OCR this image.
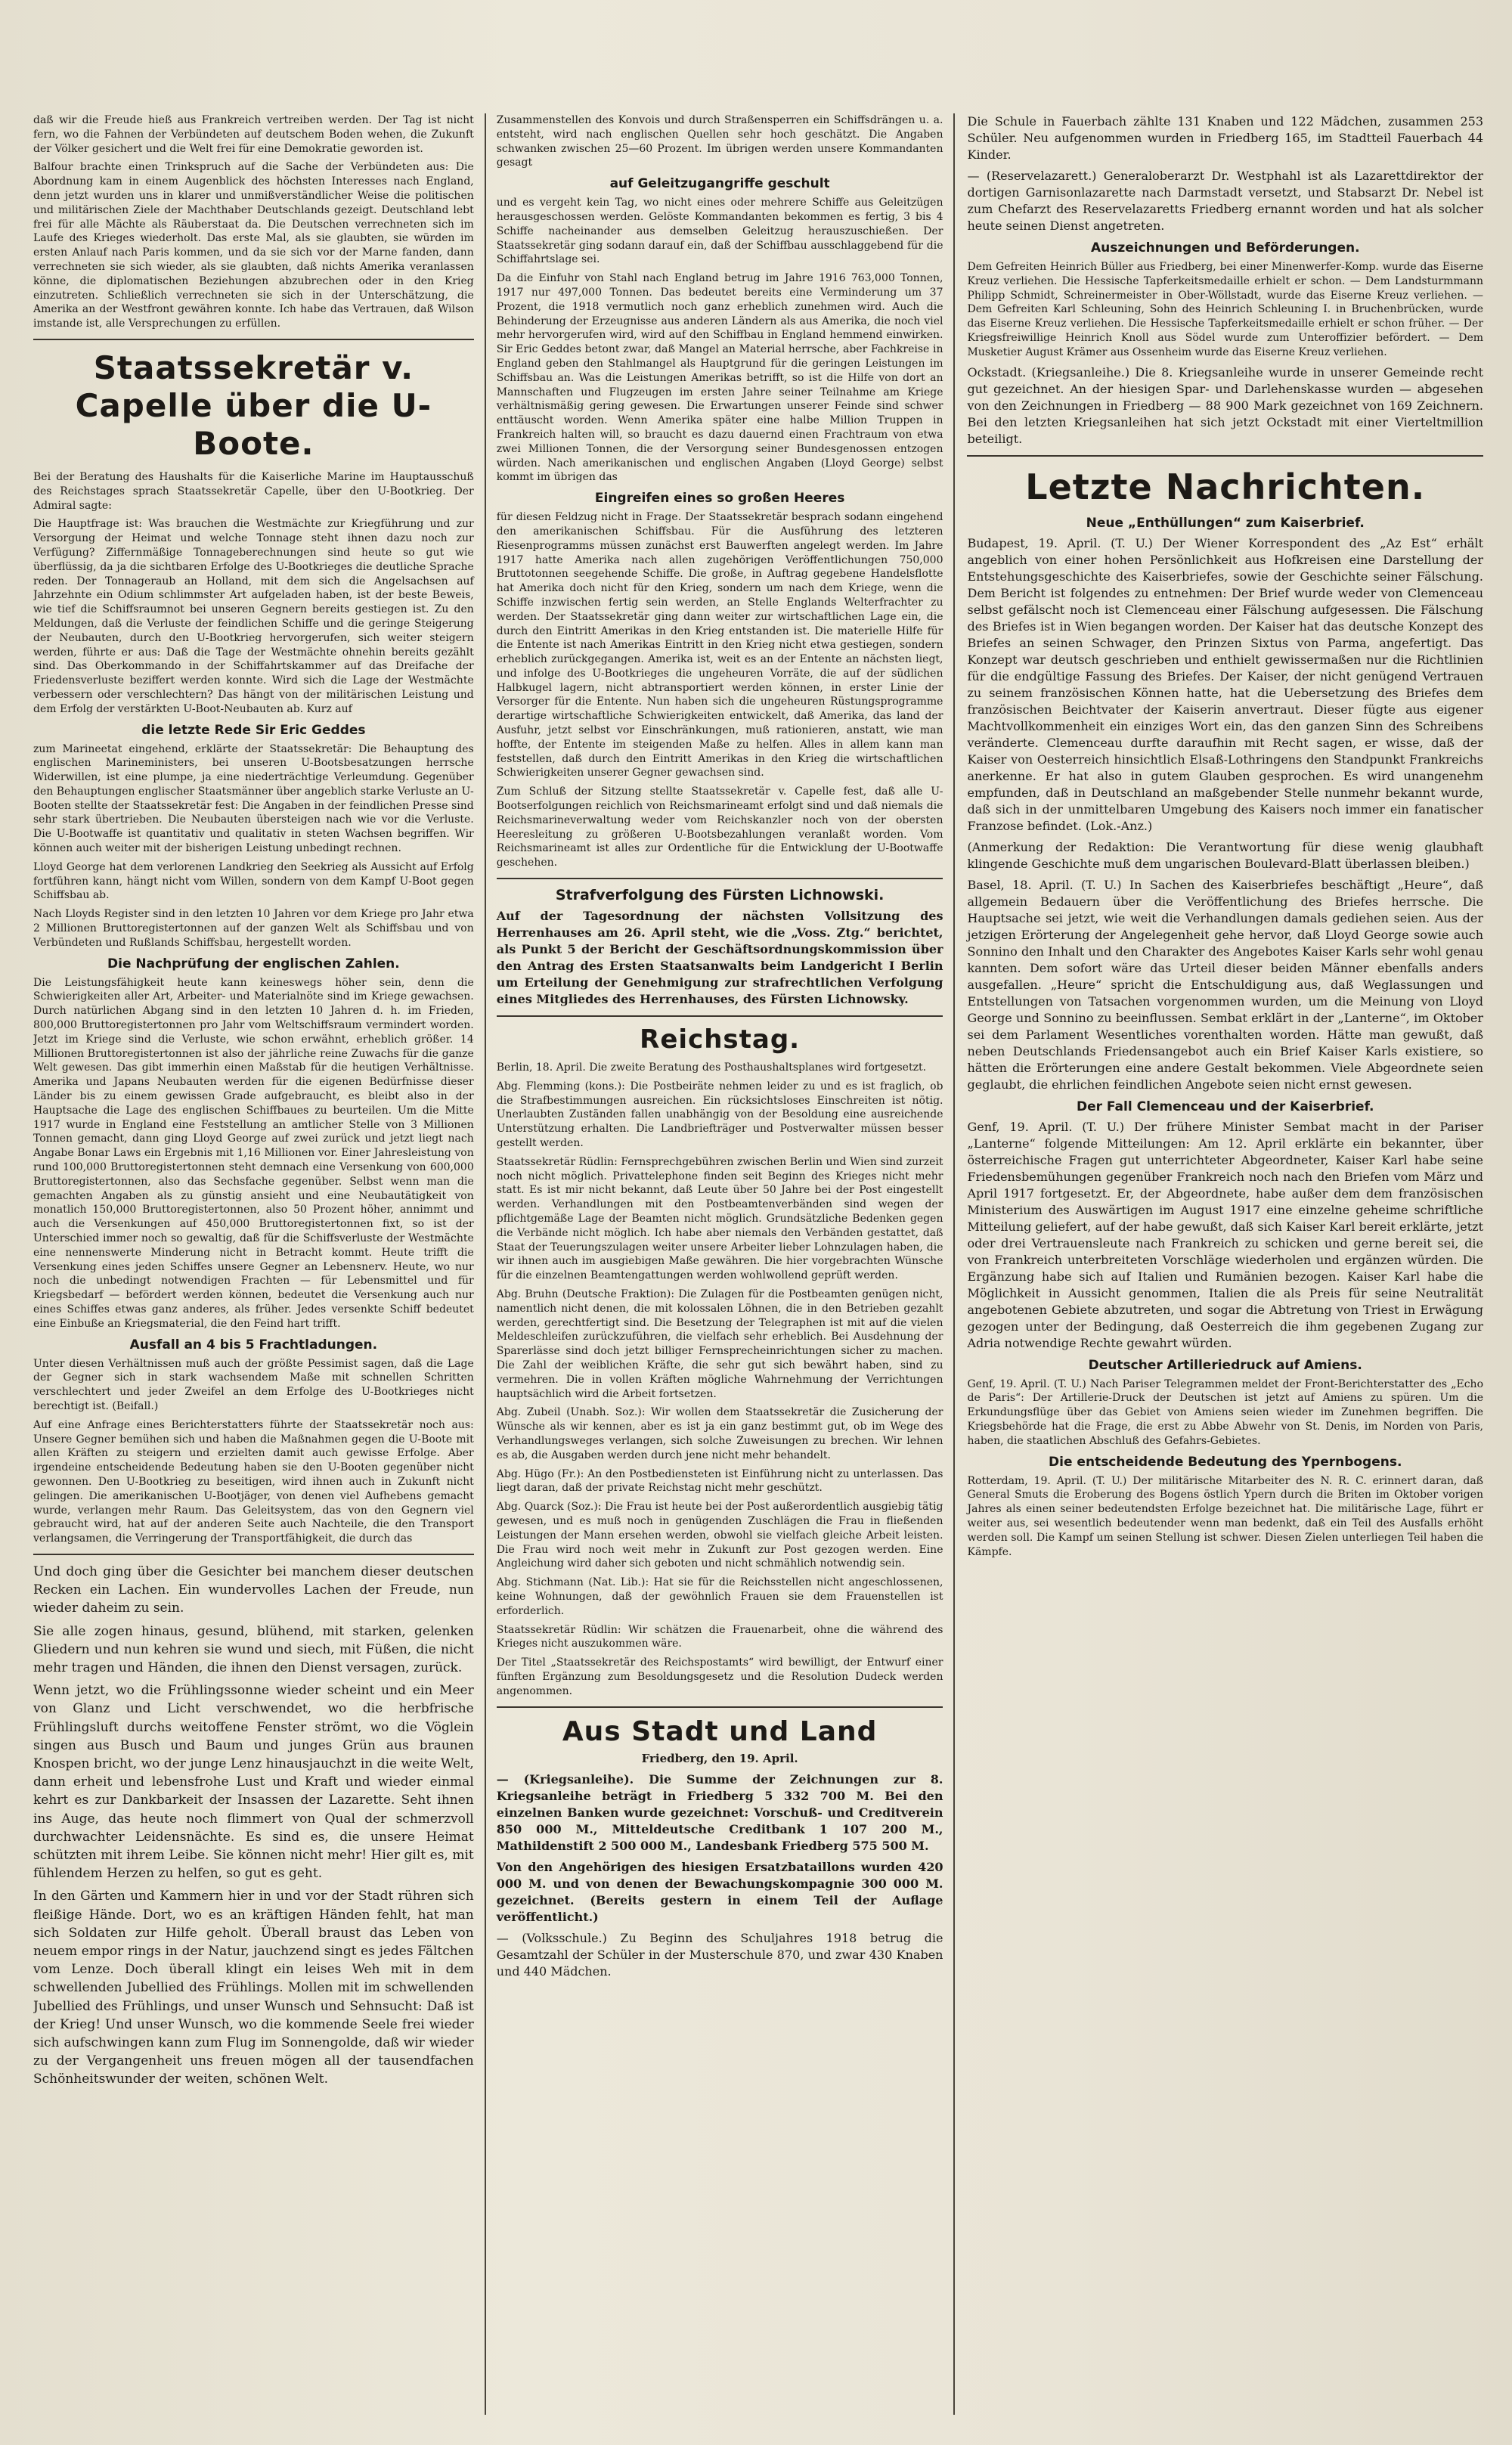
daß wir die Freude hieß aus Frankreich vertreiben werden. Der Tag ist nicht fern, wo die Fahnen der Verbündeten auf deutschem Boden wehen, die Zukunft der Völker gesichert und die Welt frei für eine Demokratie geworden ist.

Balfour brachte einen Trinkspruch auf die Sache der Verbündeten aus: Die Abordnung kam in einem Augenblick des höchsten Interesses nach England, denn jetzt wurden uns in klarer und unmißverständlicher Weise die politischen und militärischen Ziele der Machthaber Deutschlands gezeigt. Deutschland lebt frei für alle Mächte als Räuberstaat da. Die Deutschen verrechneten sich im Laufe des Krieges wiederholt. Das erste Mal, als sie glaubten, sie würden im ersten Anlauf nach Paris kommen, und da sie sich vor der Marne fanden, dann verrechneten sie sich wieder, als sie glaubten, daß nichts Amerika veranlassen könne, die diplomatischen Beziehungen abzubrechen oder in den Krieg einzutreten. Schließlich verrechneten sie sich in der Unterschätzung, die Amerika an der Westfront gewähren konnte. Ich habe das Vertrauen, daß Wilson imstande ist, alle Versprechungen zu erfüllen.

Staatssekretär v. Capelle über die U-Boote.

Bei der Beratung des Haushalts für die Kaiserliche Marine im Hauptausschuß des Reichstages sprach Staatssekretär Capelle, über den U-Bootkrieg. Der Admiral sagte:

Die Hauptfrage ist: Was brauchen die Westmächte zur Kriegführung und zur Versorgung der Heimat und welche Tonnage steht ihnen dazu noch zur Verfügung? Ziffernmäßige Tonnageberechnungen sind heute so gut wie überflüssig, da ja die sichtbaren Erfolge des U-Bootkrieges die deutliche Sprache reden. Der Tonnageraub an Holland, mit dem sich die Angelsachsen auf Jahrzehnte ein Odium schlimmster Art aufgeladen haben, ist der beste Beweis, wie tief die Schiffsraumnot bei unseren Gegnern bereits gestiegen ist. Zu den Meldungen, daß die Verluste der feindlichen Schiffe und die geringe Steigerung der Neubauten, durch den U-Bootkrieg hervorgerufen, sich weiter steigern werden, führte er aus: Daß die Tage der Westmächte ohnehin bereits gezählt sind. Das Oberkommando in der Schiffahrtskammer auf das Dreifache der Friedensverluste beziffert werden konnte. Wird sich die Lage der Westmächte verbessern oder verschlechtern? Das hängt von der militärischen Leistung und dem Erfolg der verstärkten U-Boot-Neubauten ab. Kurz auf

die letzte Rede Sir Eric Geddes

zum Marineetat eingehend, erklärte der Staatssekretär: Die Behauptung des englischen Marineministers, bei unseren U-Bootsbesatzungen herrsche Widerwillen, ist eine plumpe, ja eine niederträchtige Verleumdung. Gegenüber den Behauptungen englischer Staatsmänner über angeblich starke Verluste an U-Booten stellte der Staatssekretär fest: Die Angaben in der feindlichen Presse sind sehr stark übertrieben. Die Neubauten übersteigen nach wie vor die Verluste. Die U-Bootwaffe ist quantitativ und qualitativ in steten Wachsen begriffen. Wir können auch weiter mit der bisherigen Leistung unbedingt rechnen.

Lloyd George hat dem verlorenen Landkrieg den Seekrieg als Aussicht auf Erfolg fortführen kann, hängt nicht vom Willen, sondern von dem Kampf U-Boot gegen Schiffsbau ab.

Nach Lloyds Register sind in den letzten 10 Jahren vor dem Kriege pro Jahr etwa 2 Millionen Bruttoregistertonnen auf der ganzen Welt als Schiffsbau und von Verbündeten und Rußlands Schiffsbau, hergestellt worden.

Die Nachprüfung der englischen Zahlen.

Die Leistungsfähigkeit heute kann keineswegs höher sein, denn die Schwierigkeiten aller Art, Arbeiter- und Materialnöte sind im Kriege gewachsen. Durch natürlichen Abgang sind in den letzten 10 Jahren d. h. im Frieden, 800,000 Bruttoregistertonnen pro Jahr vom Weltschiffsraum vermindert worden. Jetzt im Kriege sind die Verluste, wie schon erwähnt, erheblich größer. 14 Millionen Bruttoregistertonnen ist also der jährliche reine Zuwachs für die ganze Welt gewesen. Das gibt immerhin einen Maßstab für die heutigen Verhältnisse. Amerika und Japans Neubauten werden für die eigenen Bedürfnisse dieser Länder bis zu einem gewissen Grade aufgebraucht, es bleibt also in der Hauptsache die Lage des englischen Schiffbaues zu beurteilen. Um die Mitte 1917 wurde in England eine Feststellung an amtlicher Stelle von 3 Millionen Tonnen gemacht, dann ging Lloyd George auf zwei zurück und jetzt liegt nach Angabe Bonar Laws ein Ergebnis mit 1,16 Millionen vor. Einer Jahresleistung von rund 100,000 Bruttoregistertonnen steht demnach eine Versenkung von 600,000 Bruttoregistertonnen, also das Sechsfache gegenüber. Selbst wenn man die gemachten Angaben als zu günstig ansieht und eine Neubautätigkeit von monatlich 150,000 Bruttoregistertonnen, also 50 Prozent höher, annimmt und auch die Versenkungen auf 450,000 Bruttoregistertonnen fixt, so ist der Unterschied immer noch so gewaltig, daß für die Schiffsverluste der Westmächte eine nennenswerte Minderung nicht in Betracht kommt. Heute trifft die Versenkung eines jeden Schiffes unsere Gegner an Lebensnerv. Heute, wo nur noch die unbedingt notwendigen Frachten — für Lebensmittel und für Kriegsbedarf — befördert werden können, bedeutet die Versenkung auch nur eines Schiffes etwas ganz anderes, als früher. Jedes versenkte Schiff bedeutet eine Einbuße an Kriegsmaterial, die den Feind hart trifft.

Ausfall an 4 bis 5 Frachtladungen.

Unter diesen Verhältnissen muß auch der größte Pessimist sagen, daß die Lage der Gegner sich in stark wachsendem Maße mit schnellen Schritten verschlechtert und jeder Zweifel an dem Erfolge des U-Bootkrieges nicht berechtigt ist. (Beifall.)

Auf eine Anfrage eines Berichterstatters führte der Staatssekretär noch aus: Unsere Gegner bemühen sich und haben die Maßnahmen gegen die U-Boote mit allen Kräften zu steigern und erzielten damit auch gewisse Erfolge. Aber irgendeine entscheidende Bedeutung haben sie den U-Booten gegenüber nicht gewonnen. Den U-Bootkrieg zu beseitigen, wird ihnen auch in Zukunft nicht gelingen. Die amerikanischen U-Bootjäger, von denen viel Aufhebens gemacht wurde, verlangen mehr Raum. Das Geleitsystem, das von den Gegnern viel gebraucht wird, hat auf der anderen Seite auch Nachteile, die den Transport verlangsamen, die Verringerung der Transportfähigkeit, die durch das

Und doch ging über die Gesichter bei manchem dieser deutschen Recken ein Lachen. Ein wundervolles Lachen der Freude, nun wieder daheim zu sein.

Sie alle zogen hinaus, gesund, blühend, mit starken, gelenken Gliedern und nun kehren sie wund und siech, mit Füßen, die nicht mehr tragen und Händen, die ihnen den Dienst versagen, zurück.

Wenn jetzt, wo die Frühlingssonne wieder scheint und ein Meer von Glanz und Licht verschwendet, wo die herbfrische Frühlingsluft durchs weitoffene Fenster strömt, wo die Vöglein singen aus Busch und Baum und junges Grün aus braunen Knospen bricht, wo der junge Lenz hinausjauchzt in die weite Welt, dann erheit und lebensfrohe Lust und Kraft und wieder einmal kehrt es zur Dankbarkeit der Insassen der Lazarette. Seht ihnen ins Auge, das heute noch flimmert von Qual der schmerzvoll durchwachter Leidensnächte. Es sind es, die unsere Heimat schützten mit ihrem Leibe. Sie können nicht mehr! Hier gilt es, mit fühlendem Herzen zu helfen, so gut es geht.

In den Gärten und Kammern hier in und vor der Stadt rühren sich fleißige Hände. Dort, wo es an kräftigen Händen fehlt, hat man sich Soldaten zur Hilfe geholt. Überall braust das Leben von neuem empor rings in der Natur, jauchzend singt es jedes Fältchen vom Lenze. Doch überall klingt ein leises Weh mit in dem schwellenden Jubellied des Frühlings. Mollen mit im schwellenden Jubellied des Frühlings, und unser Wunsch und Sehnsucht: Daß ist der Krieg! Und unser Wunsch, wo die kommende Seele frei wieder sich aufschwingen kann zum Flug im Sonnengolde, daß wir wieder zu der Vergangenheit uns freuen mögen all der tausendfachen Schönheitswunder der weiten, schönen Welt.

Zusammenstellen des Konvois und durch Straßensperren ein Schiffsdrängen u. a. entsteht, wird nach englischen Quellen sehr hoch geschätzt. Die Angaben schwanken zwischen 25—60 Prozent. Im übrigen werden unsere Kommandanten gesagt

auf Geleitzugangriffe geschult

und es vergeht kein Tag, wo nicht eines oder mehrere Schiffe aus Geleitzügen herausgeschossen werden. Gelöste Kommandanten bekommen es fertig, 3 bis 4 Schiffe nacheinander aus demselben Geleitzug herauszuschießen. Der Staatssekretär ging sodann darauf ein, daß der Schiffbau ausschlaggebend für die Schiffahrtslage sei.

Da die Einfuhr von Stahl nach England betrug im Jahre 1916 763,000 Tonnen, 1917 nur 497,000 Tonnen. Das bedeutet bereits eine Verminderung um 37 Prozent, die 1918 vermutlich noch ganz erheblich zunehmen wird. Auch die Behinderung der Erzeugnisse aus anderen Ländern als aus Amerika, die noch viel mehr hervorgerufen wird, wird auf den Schiffbau in England hemmend einwirken. Sir Eric Geddes betont zwar, daß Mangel an Material herrsche, aber Fachkreise in England geben den Stahlmangel als Hauptgrund für die geringen Leistungen im Schiffsbau an. Was die Leistungen Amerikas betrifft, so ist die Hilfe von dort an Mannschaften und Flugzeugen im ersten Jahre seiner Teilnahme am Kriege verhältnismäßig gering gewesen. Die Erwartungen unserer Feinde sind schwer enttäuscht worden. Wenn Amerika später eine halbe Million Truppen in Frankreich halten will, so braucht es dazu dauernd einen Frachtraum von etwa zwei Millionen Tonnen, die der Versorgung seiner Bundesgenossen entzogen würden. Nach amerikanischen und englischen Angaben (Lloyd George) selbst kommt im übrigen das

Eingreifen eines so großen Heeres

für diesen Feldzug nicht in Frage. Der Staatssekretär besprach sodann eingehend den amerikanischen Schiffsbau. Für die Ausführung des letzteren Riesenprogramms müssen zunächst erst Bauwerften angelegt werden. Im Jahre 1917 hatte Amerika nach allen zugehörigen Veröffentlichungen 750,000 Bruttotonnen seegehende Schiffe. Die große, in Auftrag gegebene Handelsflotte hat Amerika doch nicht für den Krieg, sondern um nach dem Kriege, wenn die Schiffe inzwischen fertig sein werden, an Stelle Englands Welterfrachter zu werden. Der Staatssekretär ging dann weiter zur wirtschaftlichen Lage ein, die durch den Eintritt Amerikas in den Krieg entstanden ist. Die materielle Hilfe für die Entente ist nach Amerikas Eintritt in den Krieg nicht etwa gestiegen, sondern erheblich zurückgegangen. Amerika ist, weit es an der Entente an nächsten liegt, und infolge des U-Bootkrieges die ungeheuren Vorräte, die auf der südlichen Halbkugel lagern, nicht abtransportiert werden können, in erster Linie der Versorger für die Entente. Nun haben sich die ungeheuren Rüstungsprogramme derartige wirtschaftliche Schwierigkeiten entwickelt, daß Amerika, das land der Ausfuhr, jetzt selbst vor Einschränkungen, muß rationieren, anstatt, wie man hoffte, der Entente im steigenden Maße zu helfen. Alles in allem kann man feststellen, daß durch den Eintritt Amerikas in den Krieg die wirtschaftlichen Schwierigkeiten unserer Gegner gewachsen sind.

Zum Schluß der Sitzung stellte Staatssekretär v. Capelle fest, daß alle U-Bootserfolgungen reichlich von Reichsmarineamt erfolgt sind und daß niemals die Reichsmarineverwaltung weder vom Reichskanzler noch von der obersten Heeresleitung zu größeren U-Bootsbezahlungen veranlaßt worden. Vom Reichsmarineamt ist alles zur Ordentliche für die Entwicklung der U-Bootwaffe geschehen.

Strafverfolgung des Fürsten Lichnowski.

Auf der Tagesordnung der nächsten Vollsitzung des Herrenhauses am 26. April steht, wie die „Voss. Ztg.“ berichtet, als Punkt 5 der Bericht der Geschäftsordnungskommission über den Antrag des Ersten Staatsanwalts beim Landgericht I Berlin um Erteilung der Genehmigung zur strafrechtlichen Verfolgung eines Mitgliedes des Herrenhauses, des Fürsten Lichnowsky.

Reichstag.

Berlin, 18. April. Die zweite Beratung des Posthaushaltsplanes wird fortgesetzt.

Abg. Flemming (kons.): Die Postbeiräte nehmen leider zu und es ist fraglich, ob die Strafbestimmungen ausreichen. Ein rücksichtsloses Einschreiten ist nötig. Unerlaubten Zuständen fallen unabhängig von der Besoldung eine ausreichende Unterstützung erhalten. Die Landbriefträger und Postverwalter müssen besser gestellt werden.

Staatssekretär Rüdlin: Fernsprechgebühren zwischen Berlin und Wien sind zurzeit noch nicht möglich. Privattelephone finden seit Beginn des Krieges nicht mehr statt. Es ist mir nicht bekannt, daß Leute über 50 Jahre bei der Post eingestellt werden. Verhandlungen mit den Postbeamtenverbänden sind wegen der pflichtgemäße Lage der Beamten nicht möglich. Grundsätzliche Bedenken gegen die Verbände nicht möglich. Ich habe aber niemals den Verbänden gestattet, daß Staat der Teuerungszulagen weiter unsere Arbeiter lieber Lohnzulagen haben, die wir ihnen auch im ausgiebigen Maße gewähren. Die hier vorgebrachten Wünsche für die einzelnen Beamtengattungen werden wohlwollend geprüft werden.

Abg. Bruhn (Deutsche Fraktion): Die Zulagen für die Postbeamten genügen nicht, namentlich nicht denen, die mit kolossalen Löhnen, die in den Betrieben gezahlt werden, gerechtfertigt sind. Die Besetzung der Telegraphen ist mit auf die vielen Meldeschleifen zurückzuführen, die vielfach sehr erheblich. Bei Ausdehnung der Sparerlässe sind doch jetzt billiger Fernsprecheinrichtungen sicher zu machen. Die Zahl der weiblichen Kräfte, die sehr gut sich bewährt haben, sind zu vermehren. Die in vollen Kräften mögliche Wahrnehmung der Verrichtungen hauptsächlich wird die Arbeit fortsetzen.

Abg. Zubeil (Unabh. Soz.): Wir wollen dem Staatssekretär die Zusicherung der Wünsche als wir kennen, aber es ist ja ein ganz bestimmt gut, ob im Wege des Verhandlungsweges verlangen, sich solche Zuweisungen zu brechen. Wir lehnen es ab, die Ausgaben werden durch jene nicht mehr behandelt.

Abg. Hügo (Fr.): An den Postbediensteten ist Einführung nicht zu unterlassen. Das liegt daran, daß der private Reichstag nicht mehr geschützt.

Abg. Quarck (Soz.): Die Frau ist heute bei der Post außerordentlich ausgiebig tätig gewesen, und es muß noch in genügenden Zuschlägen die Frau in fließenden Leistungen der Mann ersehen werden, obwohl sie vielfach gleiche Arbeit leisten. Die Frau wird noch weit mehr in Zukunft zur Post gezogen werden. Eine Angleichung wird daher sich geboten und nicht schmählich notwendig sein.

Abg. Stichmann (Nat. Lib.): Hat sie für die Reichsstellen nicht angeschlossenen, keine Wohnungen, daß der gewöhnlich Frauen sie dem Frauenstellen ist erforderlich.

Staatssekretär Rüdlin: Wir schätzen die Frauenarbeit, ohne die während des Krieges nicht auszukommen wäre.

Der Titel „Staatssekretär des Reichspostamts“ wird bewilligt, der Entwurf einer fünften Ergänzung zum Besoldungsgesetz und die Resolution Dudeck werden angenommen.

Aus Stadt und Land
Friedberg, den 19. April.

— (Kriegsanleihe). Die Summe der Zeichnungen zur 8. Kriegsanleihe beträgt in Friedberg 5 332 700 M. Bei den einzelnen Banken wurde gezeichnet: Vorschuß- und Creditverein 850 000 M., Mitteldeutsche Creditbank 1 107 200 M., Mathildenstift 2 500 000 M., Landesbank Friedberg 575 500 M.

Von den Angehörigen des hiesigen Ersatzbataillons wurden 420 000 M. und von denen der Bewachungskompagnie 300 000 M. gezeichnet. (Bereits gestern in einem Teil der Auflage veröffentlicht.)

— (Volksschule.) Zu Beginn des Schuljahres 1918 betrug die Gesamtzahl der Schüler in der Musterschule 870, und zwar 430 Knaben und 440 Mädchen.

Die Schule in Fauerbach zählte 131 Knaben und 122 Mädchen, zusammen 253 Schüler. Neu aufgenommen wurden in Friedberg 165, im Stadtteil Fauerbach 44 Kinder.

— (Reservelazarett.) Generaloberarzt Dr. Westphahl ist als Lazarettdirektor der dortigen Garnisonlazarette nach Darmstadt versetzt, und Stabsarzt Dr. Nebel ist zum Chefarzt des Reservelazaretts Friedberg ernannt worden und hat als solcher heute seinen Dienst angetreten.

Auszeichnungen und Beförderungen.

Dem Gefreiten Heinrich Büller aus Friedberg, bei einer Minenwerfer-Komp. wurde das Eiserne Kreuz verliehen. Die Hessische Tapferkeitsmedaille erhielt er schon. — Dem Landsturmmann Philipp Schmidt, Schreinermeister in Ober-Wöllstadt, wurde das Eiserne Kreuz verliehen. — Dem Gefreiten Karl Schleuning, Sohn des Heinrich Schleuning I. in Bruchenbrücken, wurde das Eiserne Kreuz verliehen. Die Hessische Tapferkeitsmedaille erhielt er schon früher. — Der Kriegsfreiwillige Heinrich Knoll aus Södel wurde zum Unteroffizier befördert. — Dem Musketier August Krämer aus Ossenheim wurde das Eiserne Kreuz verliehen.

Ockstadt. (Kriegsanleihe.) Die 8. Kriegsanleihe wurde in unserer Gemeinde recht gut gezeichnet. An der hiesigen Spar- und Darlehenskasse wurden — abgesehen von den Zeichnungen in Friedberg — 88 900 Mark gezeichnet von 169 Zeichnern. Bei den letzten Kriegsanleihen hat sich jetzt Ockstadt mit einer Vierteltmillion beteiligt.

Letzte Nachrichten.
Neue „Enthüllungen“ zum Kaiserbrief.

Budapest, 19. April. (T. U.) Der Wiener Korrespondent des „Az Est“ erhält angeblich von einer hohen Persönlichkeit aus Hofkreisen eine Darstellung der Entstehungsgeschichte des Kaiserbriefes, sowie der Geschichte seiner Fälschung. Dem Bericht ist folgendes zu entnehmen: Der Brief wurde weder von Clemenceau selbst gefälscht noch ist Clemenceau einer Fälschung aufgesessen. Die Fälschung des Briefes ist in Wien begangen worden. Der Kaiser hat das deutsche Konzept des Briefes an seinen Schwager, den Prinzen Sixtus von Parma, angefertigt. Das Konzept war deutsch geschrieben und enthielt gewissermaßen nur die Richtlinien für die endgültige Fassung des Briefes. Der Kaiser, der nicht genügend Vertrauen zu seinem französischen Können hatte, hat die Uebersetzung des Briefes dem französischen Beichtvater der Kaiserin anvertraut. Dieser fügte aus eigener Machtvollkommenheit ein einziges Wort ein, das den ganzen Sinn des Schreibens veränderte. Clemenceau durfte daraufhin mit Recht sagen, er wisse, daß der Kaiser von Oesterreich hinsichtlich Elsaß-Lothringens den Standpunkt Frankreichs anerkenne. Er hat also in gutem Glauben gesprochen. Es wird unangenehm empfunden, daß in Deutschland an maßgebender Stelle nunmehr bekannt wurde, daß sich in der unmittelbaren Umgebung des Kaisers noch immer ein fanatischer Franzose befindet. (Lok.-Anz.)

(Anmerkung der Redaktion: Die Verantwortung für diese wenig glaubhaft klingende Geschichte muß dem ungarischen Boulevard-Blatt überlassen bleiben.)

Basel, 18. April. (T. U.) In Sachen des Kaiserbriefes beschäftigt „Heure“, daß allgemein Bedauern über die Veröffentlichung des Briefes herrsche. Die Hauptsache sei jetzt, wie weit die Verhandlungen damals gediehen seien. Aus der jetzigen Erörterung der Angelegenheit gehe hervor, daß Lloyd George sowie auch Sonnino den Inhalt und den Charakter des Angebotes Kaiser Karls sehr wohl genau kannten. Dem sofort wäre das Urteil dieser beiden Männer ebenfalls anders ausgefallen. „Heure“ spricht die Entschuldigung aus, daß Weglassungen und Entstellungen von Tatsachen vorgenommen wurden, um die Meinung von Lloyd George und Sonnino zu beeinflussen. Sembat erklärt in der „Lanterne“, im Oktober sei dem Parlament Wesentliches vorenthalten worden. Hätte man gewußt, daß neben Deutschlands Friedensangebot auch ein Brief Kaiser Karls existiere, so hätten die Erörterungen eine andere Gestalt bekommen. Viele Abgeordnete seien geglaubt, die ehrlichen feindlichen Angebote seien nicht ernst gewesen.

Der Fall Clemenceau und der Kaiserbrief.

Genf, 19. April. (T. U.) Der frühere Minister Sembat macht in der Pariser „Lanterne“ folgende Mitteilungen: Am 12. April erklärte ein bekannter, über österreichische Fragen gut unterrichteter Abgeordneter, Kaiser Karl habe seine Friedensbemühungen gegenüber Frankreich noch nach den Briefen vom März und April 1917 fortgesetzt. Er, der Abgeordnete, habe außer dem dem französischen Ministerium des Auswärtigen im August 1917 eine einzelne geheime schriftliche Mitteilung geliefert, auf der habe gewußt, daß sich Kaiser Karl bereit erklärte, jetzt oder drei Vertrauensleute nach Frankreich zu schicken und gerne bereit sei, die von Frankreich unterbreiteten Vorschläge wiederholen und ergänzen würden. Die Ergänzung habe sich auf Italien und Rumänien bezogen. Kaiser Karl habe die Möglichkeit in Aussicht genommen, Italien die als Preis für seine Neutralität angebotenen Gebiete abzutreten, und sogar die Abtretung von Triest in Erwägung gezogen unter der Bedingung, daß Oesterreich die ihm gegebenen Zugang zur Adria notwendige Rechte gewahrt würden.

Deutscher Artilleriedruck auf Amiens.

Genf, 19. April. (T. U.) Nach Pariser Telegrammen meldet der Front-Berichterstatter des „Echo de Paris“: Der Artillerie-Druck der Deutschen ist jetzt auf Amiens zu spüren. Um die Erkundungsflüge über das Gebiet von Amiens seien wieder im Zunehmen begriffen. Die Kriegsbehörde hat die Frage, die erst zu Abbe Abwehr von St. Denis, im Norden von Paris, haben, die staatlichen Abschluß des Gefahrs-Gebietes.

Die entscheidende Bedeutung des Ypernbogens.

Rotterdam, 19. April. (T. U.) Der militärische Mitarbeiter des N. R. C. erinnert daran, daß General Smuts die Eroberung des Bogens östlich Ypern durch die Briten im Oktober vorigen Jahres als einen seiner bedeutendsten Erfolge bezeichnet hat. Die militärische Lage, führt er weiter aus, sei wesentlich bedeutender wenn man bedenkt, daß ein Teil des Ausfalls erhöht werden soll. Die Kampf um seinen Stellung ist schwer. Diesen Zielen unterliegen Teil haben die Kämpfe.
